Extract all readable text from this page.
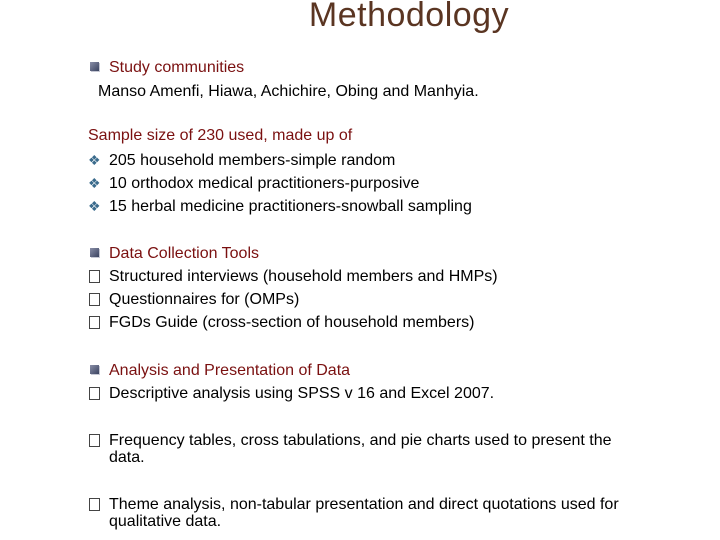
Methodology
Study communities
Manso Amenfi, Hiawa, Achichire, Obing and Manhyia.
Sample size of 230 used, made up of
❖ 205 household members-simple random
❖ 10 orthodox medical practitioners-purposive
❖ 15 herbal medicine practitioners-snowball sampling
Data Collection Tools
Structured interviews (household members and HMPs)
Questionnaires for (OMPs)
FGDs Guide (cross-section of household members)
Analysis and Presentation of Data
Descriptive analysis using SPSS v 16 and Excel 2007.
Frequency tables, cross tabulations, and pie charts used to present the
data.
Theme analysis, non-tabular presentation and direct quotations used for
qualitative data.
